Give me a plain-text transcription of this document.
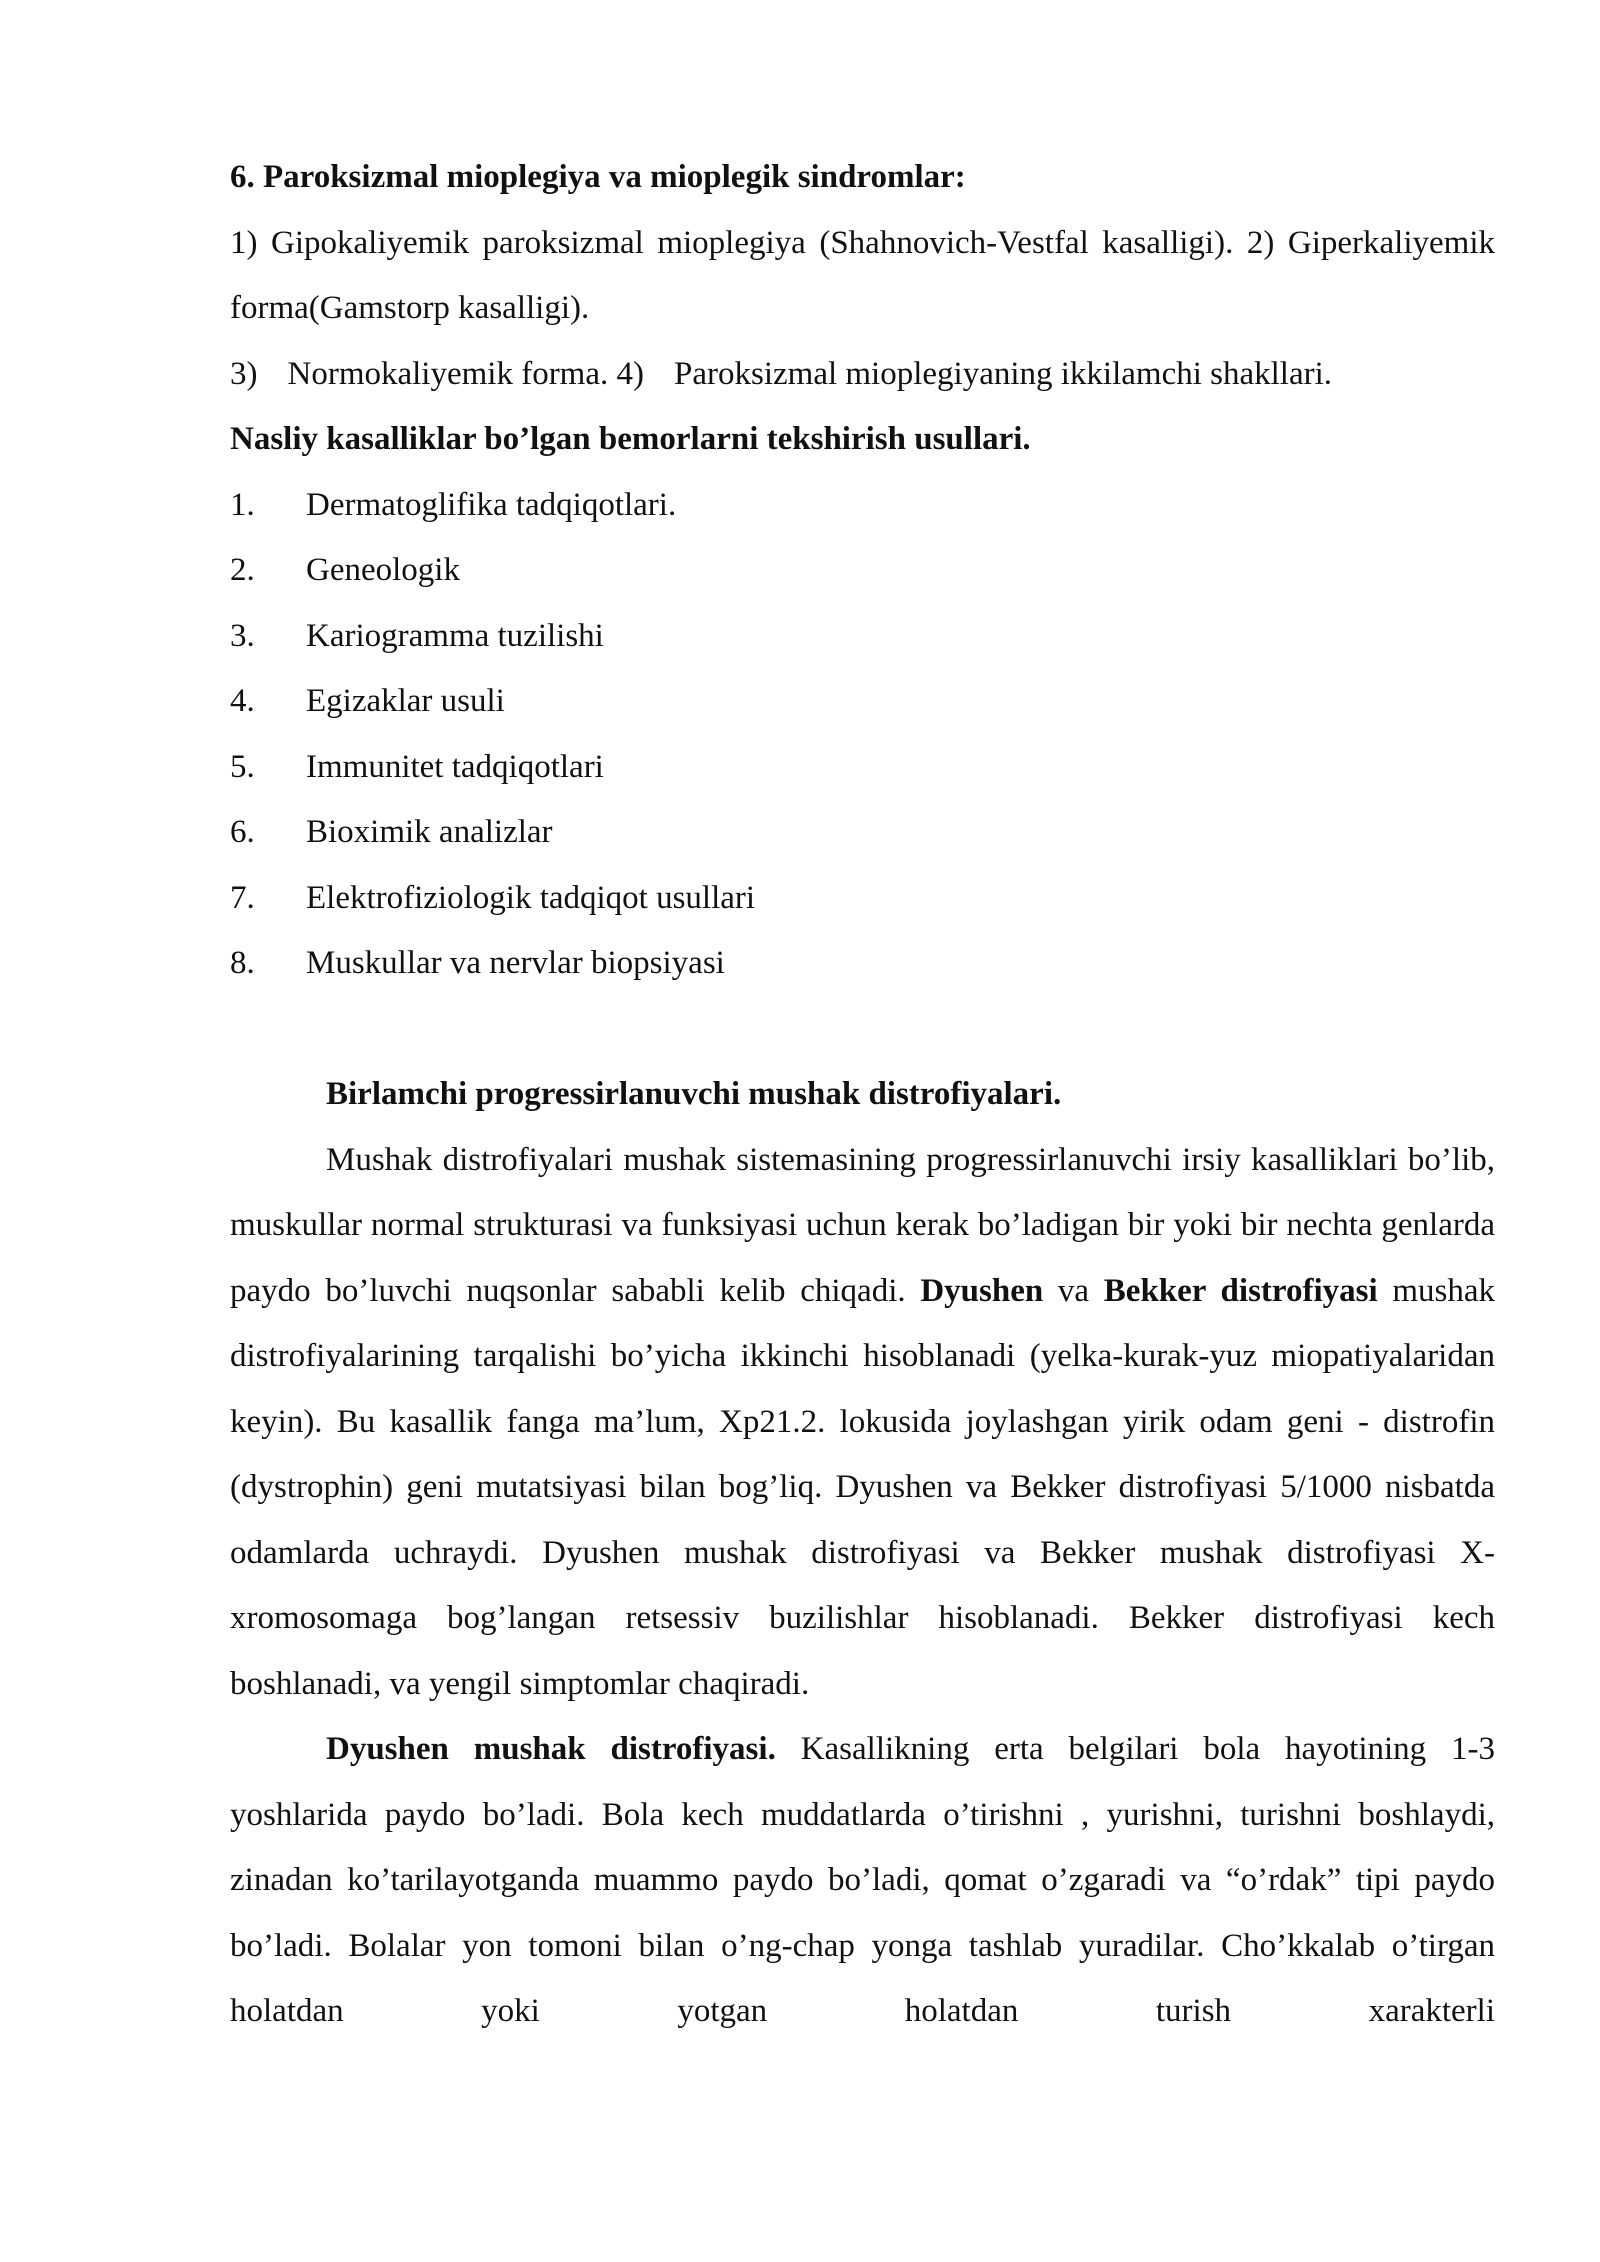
6. Paroksizmal mioplegiya va mioplegik sindromlar:

1) Gipokaliyemik paroksizmal mioplegiya (Shahnovich-Vestfal kasalligi). 2) Giperkaliyemik forma(Gamstorp kasalligi).

3) Normokaliyemik forma. 4) Paroksizmal mioplegiyaning ikkilamchi shakllari.

Nasliy kasalliklar bo’lgan bemorlarni tekshirish usullari.

1.	Dermatoglifika tadqiqotlari.
2.	Geneologik
3.	Kariogramma tuzilishi
4.	Egizaklar usuli
5.	Immunitet tadqiqotlari
6.	Bioximik analizlar
7.	Elektrofiziologik tadqiqot usullari
8.	Muskullar va nervlar biopsiyasi

Birlamchi progressirlanuvchi mushak distrofiyalari.

Mushak distrofiyalari mushak sistemasining progressirlanuvchi irsiy kasalliklari bo’lib, muskullar normal strukturasi va funksiyasi uchun kerak bo’ladigan bir yoki bir nechta genlarda paydo bo’luvchi nuqsonlar sababli kelib chiqadi. Dyushen va Bekker distrofiyasi mushak distrofiyalarining tarqalishi bo’yicha ikkinchi hisoblanadi (yelka-kurak-yuz miopatiyalaridan keyin). Bu kasallik fanga ma’lum, Xp21.2. lokusida joylashgan yirik odam geni - distrofin (dystrophin) geni mutatsiyasi bilan bog’liq. Dyushen va Bekker distrofiyasi 5/1000 nisbatda odamlarda uchraydi. Dyushen mushak distrofiyasi va Bekker mushak distrofiyasi X-xromosomaga bog’langan retsessiv buzilishlar hisoblanadi. Bekker distrofiyasi kech boshlanadi, va yengil simptomlar chaqiradi.

Dyushen mushak distrofiyasi. Kasallikning erta belgilari bola hayotining 1-3 yoshlarida paydo bo’ladi. Bola kech muddatlarda o’tirishni , yurishni, turishni boshlaydi, zinadan ko’tarilayotganda muammo paydo bo’ladi, qomat o’zgaradi va “o’rdak” tipi paydo bo’ladi. Bolalar yon tomoni bilan o’ng-chap yonga tashlab yuradilar. Cho’kkalab o’tirgan holatdan yoki yotgan holatdan turish xarakterli
